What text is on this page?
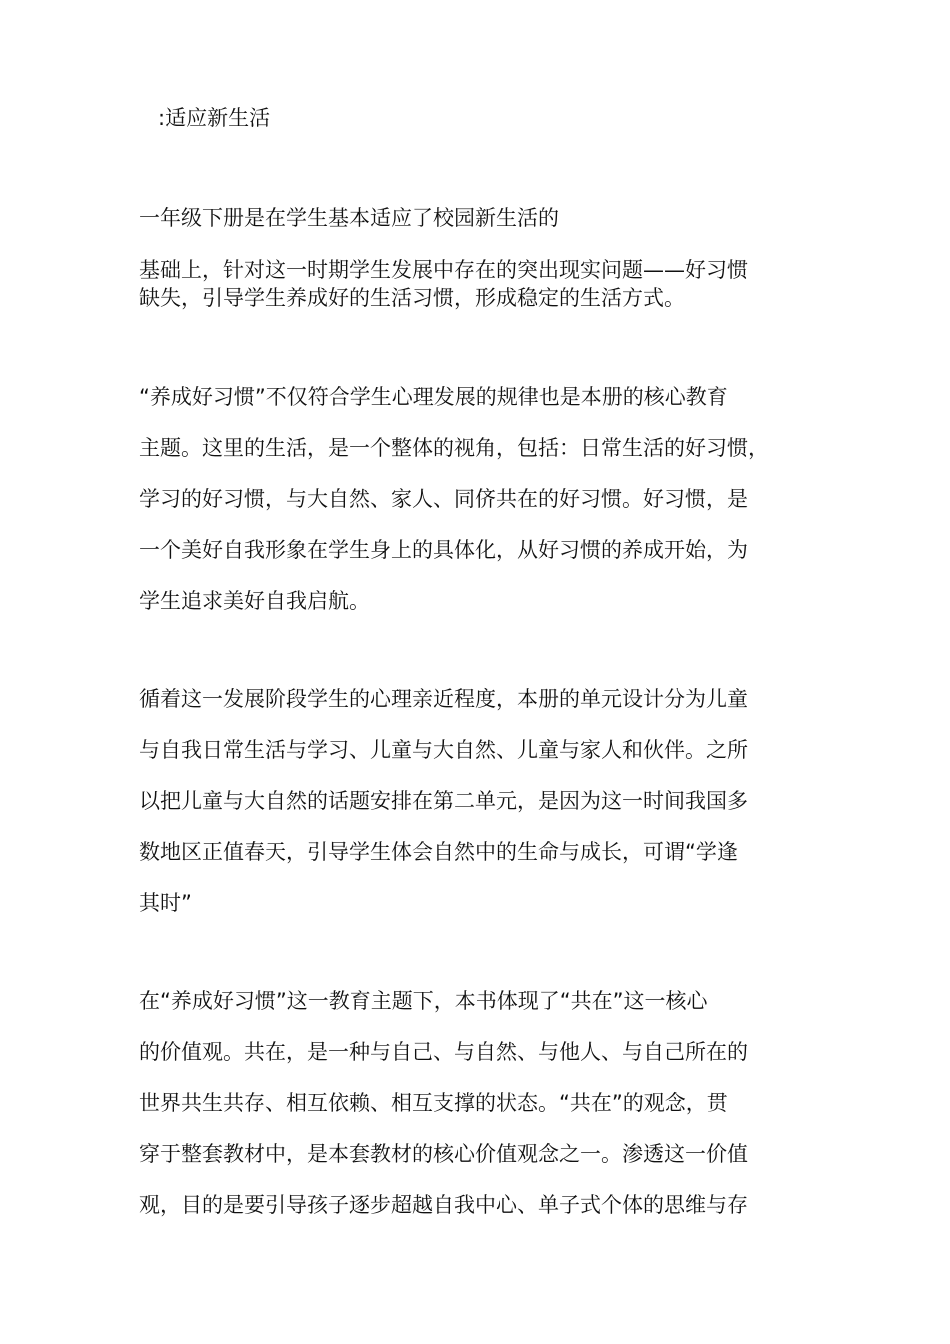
:适应新生活

一年级下册是在学生基本适应了校园新生活的

基础上，针对这一时期学生发展中存在的突出现实问题——好习惯
缺失，引导学生养成好的生活习惯，形成稳定的生活方式。

“养成好习惯”不仅符合学生心理发展的规律也是本册的核心教育
主题。这里的生活，是一个整体的视角，包括：日常生活的好习惯，
学习的好习惯，与大自然、家人、同侪共在的好习惯。好习惯，是
一个美好自我形象在学生身上的具体化，从好习惯的养成开始，为
学生追求美好自我启航。

循着这一发展阶段学生的心理亲近程度，本册的单元设计分为儿童
与自我日常生活与学习、儿童与大自然、儿童与家人和伙伴。之所
以把儿童与大自然的话题安排在第二单元，是因为这一时间我国多
数地区正值春天，引导学生体会自然中的生命与成长，可谓“学逢
其时”

在“养成好习惯”这一教育主题下，本书体现了“共在”这一核心
的价值观。共在，是一种与自己、与自然、与他人、与自己所在的
世界共生共存、相互依赖、相互支撑的状态。“共在”的观念，贯
穿于整套教材中，是本套教材的核心价值观念之一。渗透这一价值
观，目的是要引导孩子逐步超越自我中心、单子式个体的思维与存
